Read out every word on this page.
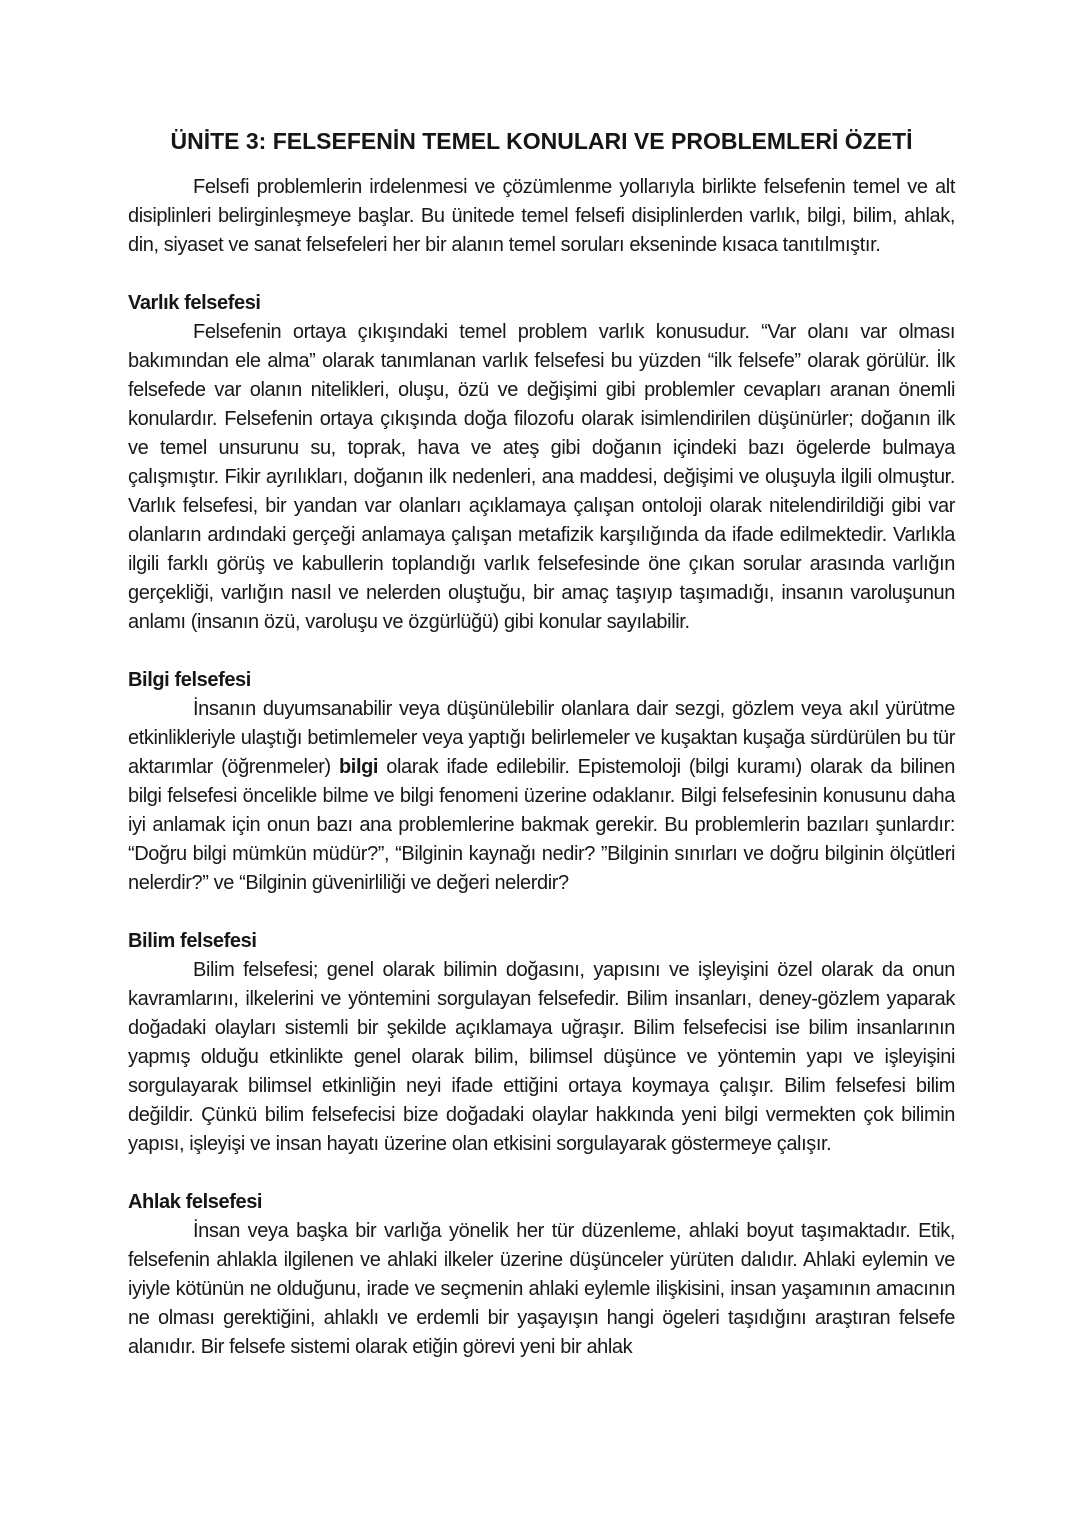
ÜNİTE 3: FELSEFENİN TEMEL KONULARI VE PROBLEMLERİ ÖZETİ

Felsefi problemlerin irdelenmesi ve çözümlenme yollarıyla birlikte felsefenin temel ve alt disiplinleri belirginleşmeye başlar. Bu ünitede temel felsefi disiplinlerden varlık, bilgi, bilim, ahlak, din, siyaset ve sanat felsefeleri her bir alanın temel soruları ekseninde kısaca tanıtılmıştır.

Varlık felsefesi

Felsefenin ortaya çıkışındaki temel problem varlık konusudur. “Var olanı var olması bakımından ele alma” olarak tanımlanan varlık felsefesi bu yüzden “ilk felsefe” olarak görülür. İlk felsefede var olanın nitelikleri, oluşu, özü ve değişimi gibi problemler cevapları aranan önemli konulardır. Felsefenin ortaya çıkışında doğa filozofu olarak isimlendirilen düşünürler; doğanın ilk ve temel unsurunu su, toprak, hava ve ateş gibi doğanın içindeki bazı ögelerde bulmaya çalışmıştır. Fikir ayrılıkları, doğanın ilk nedenleri, ana maddesi, değişimi ve oluşuyla ilgili olmuştur. Varlık felsefesi, bir yandan var olanları açıklamaya çalışan ontoloji olarak nitelendirildiği gibi var olanların ardındaki gerçeği anlamaya çalışan metafizik karşılığında da ifade edilmektedir. Varlıkla ilgili farklı görüş ve kabullerin toplandığı varlık felsefesinde öne çıkan sorular arasında varlığın gerçekliği, varlığın nasıl ve nelerden oluştuğu, bir amaç taşıyıp taşımadığı, insanın varoluşunun anlamı (insanın özü, varoluşu ve özgürlüğü) gibi konular sayılabilir.

Bilgi felsefesi

İnsanın duyumsanabilir veya düşünülebilir olanlara dair sezgi, gözlem veya akıl yürütme etkinlikleriyle ulaştığı betimlemeler veya yaptığı belirlemeler ve kuşaktan kuşağa sürdürülen bu tür aktarımlar (öğrenmeler) bilgi olarak ifade edilebilir. Epistemoloji (bilgi kuramı) olarak da bilinen bilgi felsefesi öncelikle bilme ve bilgi fenomeni üzerine odaklanır. Bilgi felsefesinin konusunu daha iyi anlamak için onun bazı ana problemlerine bakmak gerekir. Bu problemlerin bazıları şunlardır: “Doğru bilgi mümkün müdür?”, “Bilginin kaynağı nedir? ”Bilginin sınırları ve doğru bilginin ölçütleri nelerdir?” ve “Bilginin güvenirliliği ve değeri nelerdir?

Bilim felsefesi

Bilim felsefesi; genel olarak bilimin doğasını, yapısını ve işleyişini özel olarak da onun kavramlarını, ilkelerini ve yöntemini sorgulayan felsefedir. Bilim insanları, deney-gözlem yaparak doğadaki olayları sistemli bir şekilde açıklamaya uğraşır. Bilim felsefecisi ise bilim insanlarının yapmış olduğu etkinlikte genel olarak bilim, bilimsel düşünce ve yöntemin yapı ve işleyişini sorgulayarak bilimsel etkinliğin neyi ifade ettiğini ortaya koymaya çalışır. Bilim felsefesi bilim değildir. Çünkü bilim felsefecisi bize doğadaki olaylar hakkında yeni bilgi vermekten çok bilimin yapısı, işleyişi ve insan hayatı üzerine olan etkisini sorgulayarak göstermeye çalışır.

Ahlak felsefesi

İnsan veya başka bir varlığa yönelik her tür düzenleme, ahlaki boyut taşımaktadır. Etik, felsefenin ahlakla ilgilenen ve ahlaki ilkeler üzerine düşünceler yürüten dalıdır. Ahlaki eylemin ve iyiyle kötünün ne olduğunu, irade ve seçmenin ahlaki eylemle ilişkisini, insan yaşamının amacının ne olması gerektiğini, ahlaklı ve erdemli bir yaşayışın hangi ögeleri taşıdığını araştıran felsefe alanıdır. Bir felsefe sistemi olarak etiğin görevi yeni bir ahlak
